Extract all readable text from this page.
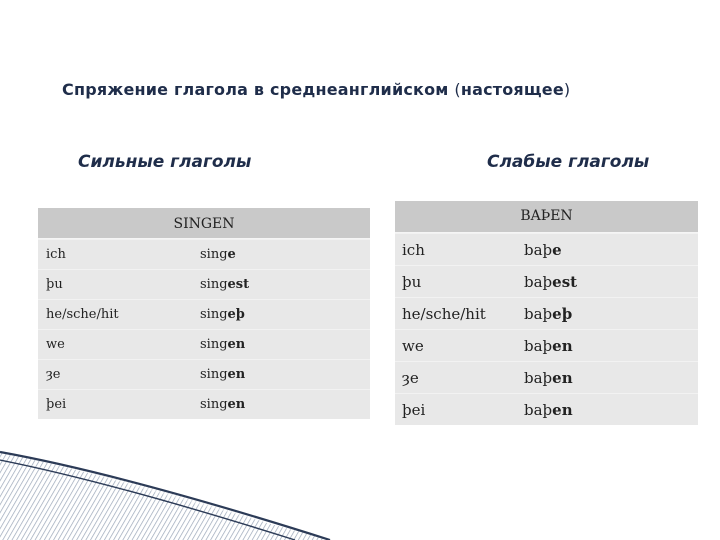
Спряжение глагола в среднеанглийском (настоящее)
Сильные глаголы	Слабые глаголы
SINGEN
ich	singe
þu	singest
he/sche/hit	singeþ
we	singen
ȝe	singen
þei	singen
BAÞEN
ich	baþe
þu	baþest
he/sche/hit	baþeþ
we	baþen
ȝe	baþen
þei	baþen
